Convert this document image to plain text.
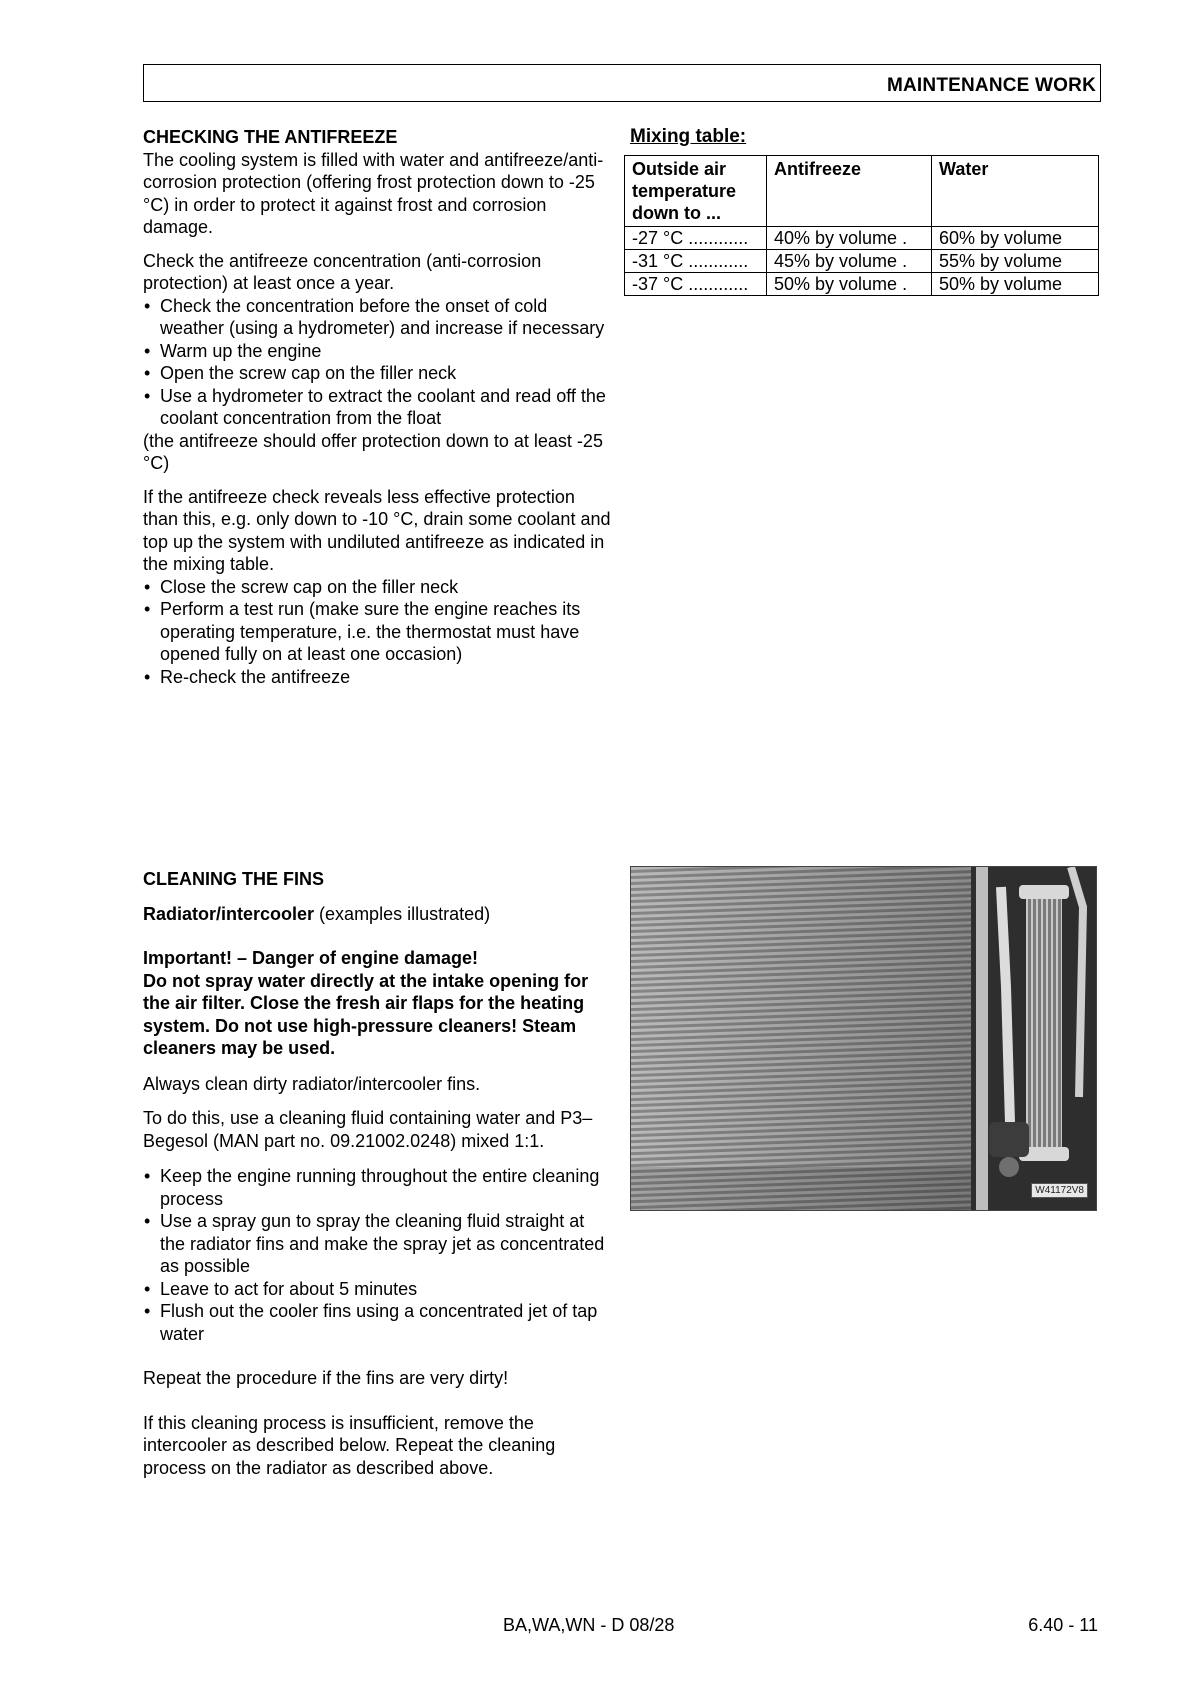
MAINTENANCE WORK
CHECKING THE ANTIFREEZE

The cooling system is filled with water and antifreeze/anti-corrosion protection (offering frost protection down to -25 °C) in order to protect it against frost and corrosion damage.

Check the antifreeze concentration (anti-corrosion protection) at least once a year.

• Check the concentration before the onset of cold weather (using a hydrometer) and increase if necessary
• Warm up the engine
• Open the screw cap on the filler neck
• Use a hydrometer to extract the coolant and read off the coolant concentration from the float

(the antifreeze should offer protection down to at least -25 °C)

If the antifreeze check reveals less effective protection than this, e.g. only down to -10 °C, drain some coolant and top up the system with undiluted antifreeze as indicated in the mixing table.

• Close the screw cap on the filler neck
• Perform a test run (make sure the engine reaches its operating temperature, i.e. the thermostat must have opened fully on at least one occasion)
• Re-check the antifreeze
Mixing table:
Outside air temperature down to ...	Antifreeze	Water
-27 °C ............	40% by volume .	60% by volume
-31 °C ............	45% by volume .	55% by volume
-37 °C ............	50% by volume .	50% by volume
CLEANING THE FINS

Radiator/intercooler (examples illustrated)

Important! – Danger of engine damage!

Do not spray water directly at the intake opening for the air filter. Close the fresh air flaps for the heating system. Do not use high-pressure cleaners! Steam cleaners may be used.

Always clean dirty radiator/intercooler fins.

To do this, use a cleaning fluid containing water and P3–Begesol (MAN part no. 09.21002.0248) mixed 1:1.

• Keep the engine running throughout the entire cleaning process
• Use a spray gun to spray the cleaning fluid straight at the radiator fins and make the spray jet as concentrated as possible
• Leave to act for about 5 minutes
• Flush out the cooler fins using a concentrated jet of tap water

Repeat the procedure if the fins are very dirty!

If this cleaning process is insufficient, remove the intercooler as described below. Repeat the cleaning process on the radiator as described above.

W41172V8
BA,WA,WN - D 08/28	6.40 - 11
